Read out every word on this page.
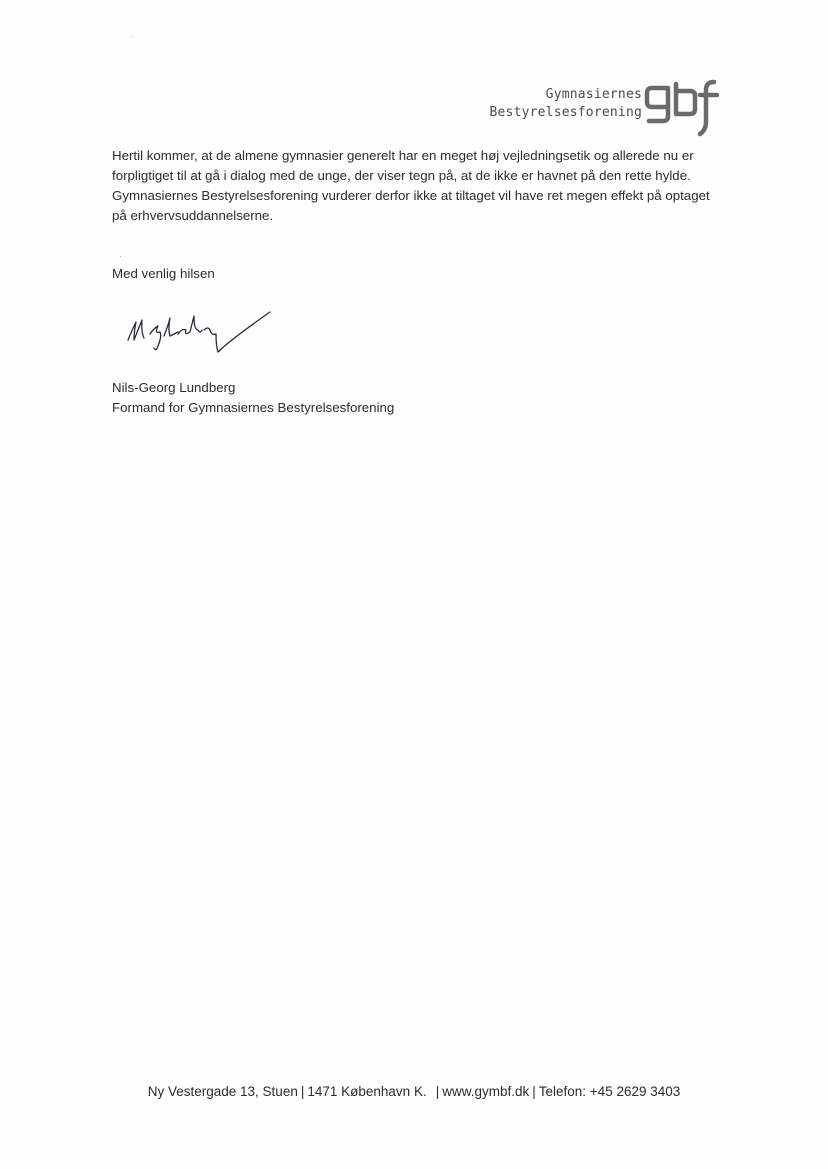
Gymnasiernes
Bestyrelsesforening
Hertil kommer, at de almene gymnasier generelt har en meget høj vejledningsetik og allerede nu er
forpligtiget til at gå i dialog med de unge, der viser tegn på, at de ikke er havnet på den rette hylde.
Gymnasiernes Bestyrelsesforening vurderer derfor ikke at tiltaget vil have ret megen effekt på optaget
på erhvervsuddannelserne.
Med venlig hilsen
Nils-Georg Lundberg
Formand for Gymnasiernes Bestyrelsesforening
Ny Vestergade 13, Stuen | 1471 København K. | www.gymbf.dk | Telefon: +45 2629 3403
